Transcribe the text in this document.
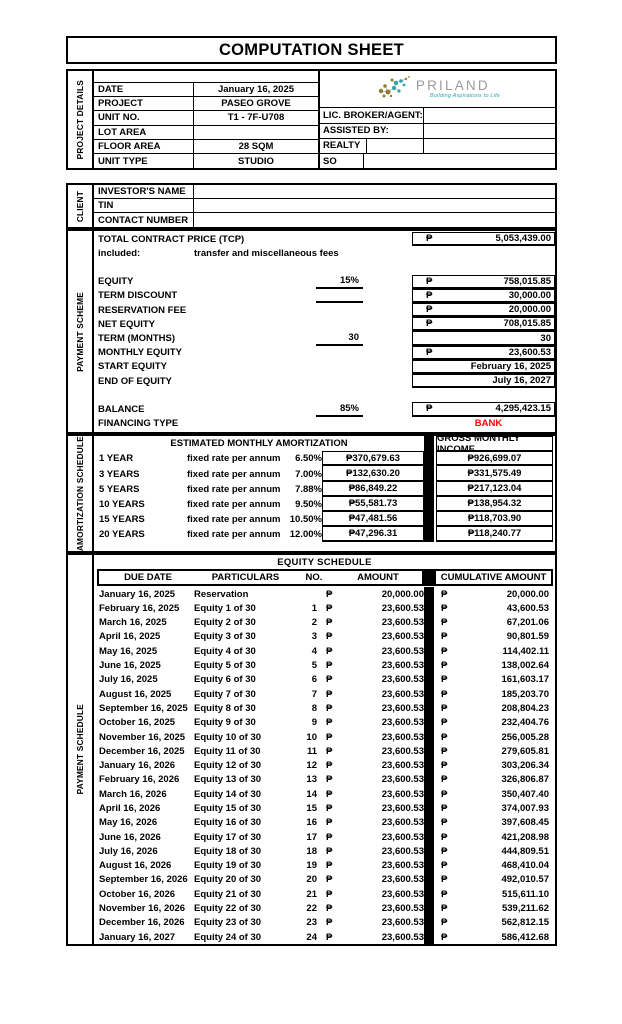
COMPUTATION SHEET
PROJECT DETAILS	DATE	January 16, 2025
PROJECT	PASEO GROVE
UNIT NO.	T1 - 7F-U708
LOT AREA
FLOOR AREA	28 SQM
UNIT TYPE	STUDIO
PRILAND
Building Aspirations to Life
LIC. BROKER/AGENT:
ASSISTED BY:
REALTY
SO
CLIENT	INVESTOR'S NAME
TIN
CONTACT NUMBER
PAYMENT SCHEME
TOTAL CONTRACT PRICE (TCP)	₱	5,053,439.00
included:	transfer and miscellaneous fees
EQUITY	15%	₱	758,015.85
TERM DISCOUNT	₱	30,000.00
RESERVATION FEE	₱	20,000.00
NET EQUITY	₱	708,015.85
TERM (MONTHS)	30	30
MONTHLY EQUITY	₱	23,600.53
START EQUITY	February 16, 2025
END OF EQUITY	July 16, 2027
BALANCE	85%	₱	4,295,423.15
FINANCING TYPE	BANK
AMORTIZATION SCHEDULE	ESTIMATED MONTHLY AMORTIZATION	GROSS MONTHLY INCOME
1 YEAR	fixed rate per annum	6.50%	₱370,679.63	₱926,699.07
3 YEARS	fixed rate per annum	7.00%	₱132,630.20	₱331,575.49
5 YEARS	fixed rate per annum	7.88%	₱86,849.22	₱217,123.04
10 YEARS	fixed rate per annum	9.50%	₱55,581.73	₱138,954.32
15 YEARS	fixed rate per annum 10.50%	₱47,481.56	₱118,703.90
20 YEARS	fixed rate per annum 12.00%	₱47,296.31	₱118,240.77
PAYMENT SCHEDULE
EQUITY SCHEDULE
DUE DATE	PARTICULARS	NO.	AMOUNT	CUMULATIVE AMOUNT
January 16, 2025	Reservation	₱	20,000.00 ₱	20,000.00
February 16, 2025	Equity 1 of 30	1 ₱	23,600.53 ₱	43,600.53
March 16, 2025	Equity 2 of 30	2 ₱	23,600.53 ₱	67,201.06
April 16, 2025	Equity 3 of 30	3 ₱	23,600.53 ₱	90,801.59
May 16, 2025	Equity 4 of 30	4 ₱	23,600.53 ₱	114,402.11
June 16, 2025	Equity 5 of 30	5 ₱	23,600.53 ₱	138,002.64
July 16, 2025	Equity 6 of 30	6 ₱	23,600.53 ₱	161,603.17
August 16, 2025	Equity 7 of 30	7 ₱	23,600.53 ₱	185,203.70
September 16, 2025 Equity 8 of 30	8 ₱	23,600.53 ₱	208,804.23
October 16, 2025	Equity 9 of 30	9 ₱	23,600.53 ₱	232,404.76
November 16, 2025 Equity 10 of 30	10 ₱	23,600.53 ₱	256,005.28
December 16, 2025 Equity 11 of 30	11 ₱	23,600.53 ₱	279,605.81
January 16, 2026	Equity 12 of 30	12 ₱	23,600.53 ₱	303,206.34
February 16, 2026	Equity 13 of 30	13 ₱	23,600.53 ₱	326,806.87
March 16, 2026	Equity 14 of 30	14 ₱	23,600.53 ₱	350,407.40
April 16, 2026	Equity 15 of 30	15 ₱	23,600.53 ₱	374,007.93
May 16, 2026	Equity 16 of 30	16 ₱	23,600.53 ₱	397,608.45
June 16, 2026	Equity 17 of 30	17 ₱	23,600.53 ₱	421,208.98
July 16, 2026	Equity 18 of 30	18 ₱	23,600.53 ₱	444,809.51
August 16, 2026	Equity 19 of 30	19 ₱	23,600.53 ₱	468,410.04
September 16, 2026 Equity 20 of 30	20 ₱	23,600.53 ₱	492,010.57
October 16, 2026	Equity 21 of 30	21 ₱	23,600.53 ₱	515,611.10
November 16, 2026 Equity 22 of 30	22 ₱	23,600.53 ₱	539,211.62
December 16, 2026 Equity 23 of 30	23 ₱	23,600.53 ₱	562,812.15
January 16, 2027	Equity 24 of 30	24 ₱	23,600.53 ₱	586,412.68
